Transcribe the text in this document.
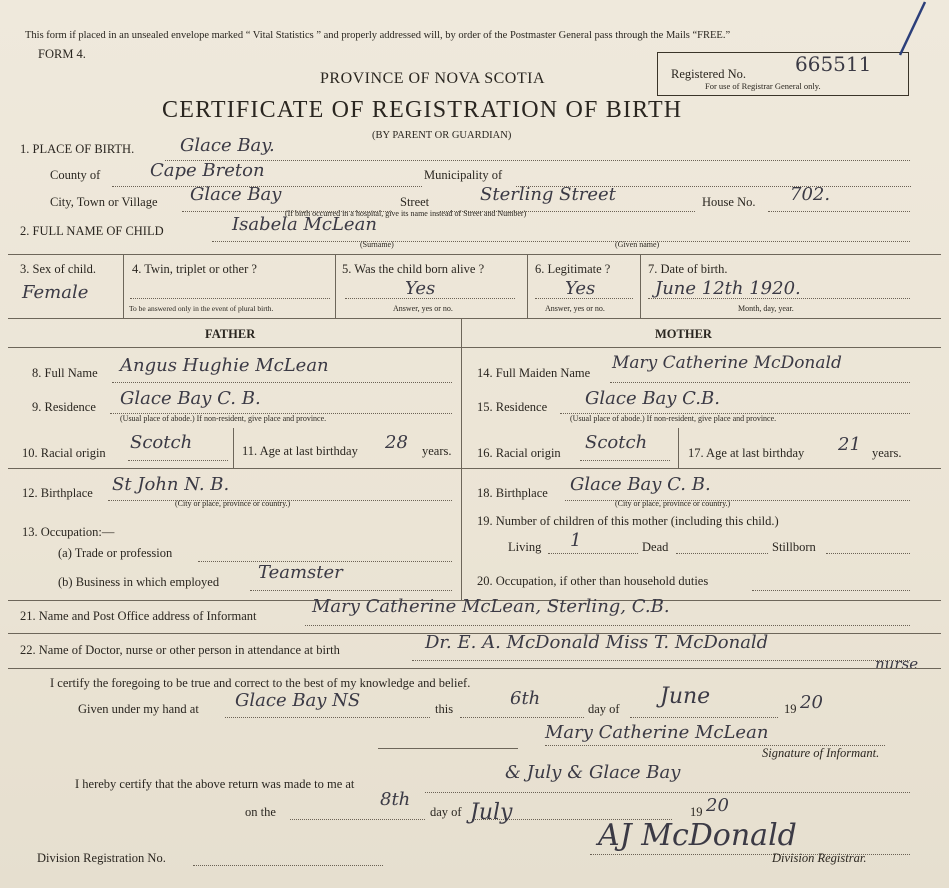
This form if placed in an unsealed envelope marked “ Vital Statistics ” and properly addressed will, by order of the Postmaster General pass through the Mails “FREE.”
FORM 4.
PROVINCE OF NOVA SCOTIA
CERTIFICATE OF REGISTRATION OF BIRTH
(BY PARENT OR GUARDIAN)
Registered No. 665511
For use of Registrar General only.
1. PLACE OF BIRTH.	Glace Bay.
County of	Cape Breton	Municipality of
City, Town or Village Glace Bay	Street	Sterling Street	House No. 702.
(If birth occurred in a hospital, give its name instead of Street and Number)
2. FULL NAME OF CHILD	Isabela McLean
(Surname)	(Given name)
3. Sex of child.
Female
4. Twin, triplet or other ?
To be answered only in the event of plural birth.
5. Was the child born alive ?
Yes
Answer, yes or no.
6. Legitimate ?
Yes
Answer, yes or no.
7. Date of birth.
June 12th 1920.
Month, day, year.
FATHER	MOTHER
8. Full Name Angus Hughie McLean
9. Residence Glace Bay C. B.
(Usual place of abode.) If non-resident, give place and province.
10. Racial origin Scotch	11. Age at last birthday 28 years.
12. Birthplace St John N. B.
(City or place, province or country.)
13. Occupation:—
(a) Trade or profession
(b) Business in which employed Teamster
14. Full Maiden Name Mary Catherine McDonald
15. Residence Glace Bay C.B.
(Usual place of abode.) If non-resident, give place and province.
16. Racial origin Scotch	17. Age at last birthday 21 years.
18. Birthplace Glace Bay C. B.
(City or place, province or country.)
19. Number of children of this mother (including this child.)
Living 1	Dead	Stillborn
20. Occupation, if other than household duties
21. Name and Post Office address of Informant	Mary Catherine McLean, Sterling, C.B.
22. Name of Doctor, nurse or other person in attendance at birth	Dr. E. A. McDonald Miss T. McDonald
nurse
I certify the foregoing to be true and correct to the best of my knowledge and belief.
Given under my hand at Glace Bay NS	this	6th	day of June	19 20
Mary Catherine McLean
Signature of Informant.
I hereby certify that the above return was made to me at
& July & Glace Bay
on the
8th
day of July	19 20
Division Registration No.
AJ McDonald
Division Registrar.
